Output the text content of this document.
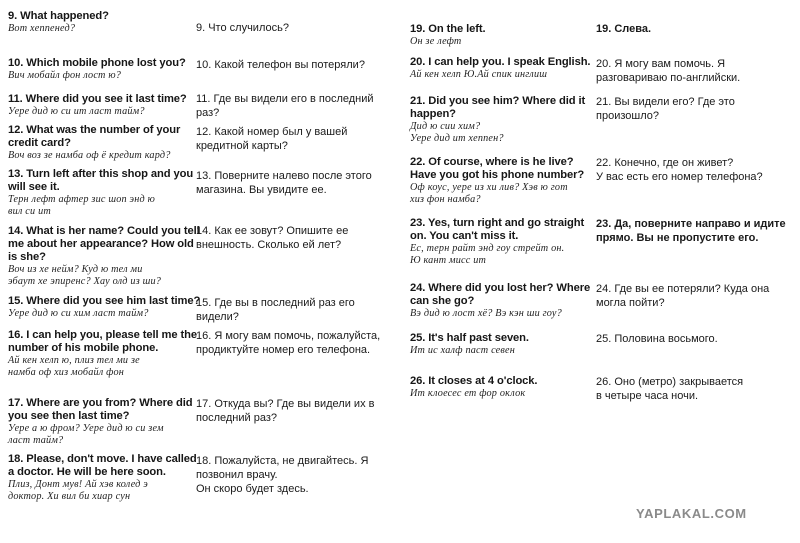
9. What happened?
Вот хеппенед?	9. Что случилось?
10. Which mobile phone lost you?
Вич мобайл фон лост ю?
10. Какой телефон вы потеряли?
11. Where did you see it last time?
Уере дид ю си ит ласт тайм?
11. Где вы видели его в последний
раз?
12. What was the number of your
credit card?
Воч воз зе намба оф ё кредит кард?
12. Какой номер был у вашей
кредитной карты?
13. Turn left after this shop and you
will see it.
Терн лефт афтер зис шоп энд ю
вил си ит
13. Поверните налево после этого
магазина. Вы увидите ее.
14. What is her name? Could you tell
me about her appearance? How old
is she?
Воч из хе нейм? Куд ю тел ми
эбаут хе эпиренс? Хау олд из ши?
14. Как ее зовут? Опишите ее
внешность. Сколько ей лет?
15. Where did you see him last time?
Уере дид ю си хим ласт тайм?
15. Где вы в последний раз его
видели?
16. I can help you, please tell me the
number of his mobile phone.
Ай кен хелп ю, плиз тел ми зе
намба оф хиз мобайл фон
16. Я могу вам помочь, пожалуйста,
продиктуйте номер его телефона.
17. Where are you from? Where did
you see then last time?
Уере а ю фром? Уере дид ю си зем
ласт тайм?
17. Откуда вы? Где вы видели их в
последний раз?
18. Please, don't move. I have called
a doctor. He will be here soon.
Плиз, Донт мув! Ай хэв колед э
доктор. Хи вил би хиар сун
18. Пожалуйста, не двигайтесь. Я
позвонил врачу.
Он скоро будет здесь.
19. On the left.
Он зе лефт
19. Слева.
20. I can help you. I speak English.
Ай кен хелп Ю.Ай спик инглиш
20. Я могу вам помочь. Я
разговариваю по-английски.
21. Did you see him? Where did it
happen?
Дид ю сии хим?
Уере дид ит хеппен?
21. Вы видели его? Где это
произошло?
22. Of course, where is he live?
Have you got his phone number?
Оф коус, уере из хи лив? Хэв ю гот
хиз фон намба?
22. Конечно, где он живет?
У вас есть его номер телефона?
23. Yes, turn right and go straight
on. You can't miss it.
Ес, терн райт энд гоу стрейт он.
Ю кант мисс ит
23. Да, поверните направо и идите
прямо. Вы не пропустите его.
24. Where did you lost her? Where
can she go?
Вэ дид ю лост хё? Вэ кэн ши гоу?
24. Где вы ее потеряли? Куда она
могла пойти?
25. It's half past seven.
Ит ис халф паст севен
25. Половина восьмого.
26. It closes at 4 o'clock.
Ит клоесес ет фор оклок
26. Оно (метро) закрывается
в четыре часа ночи.
YAPLAKAL.COM
